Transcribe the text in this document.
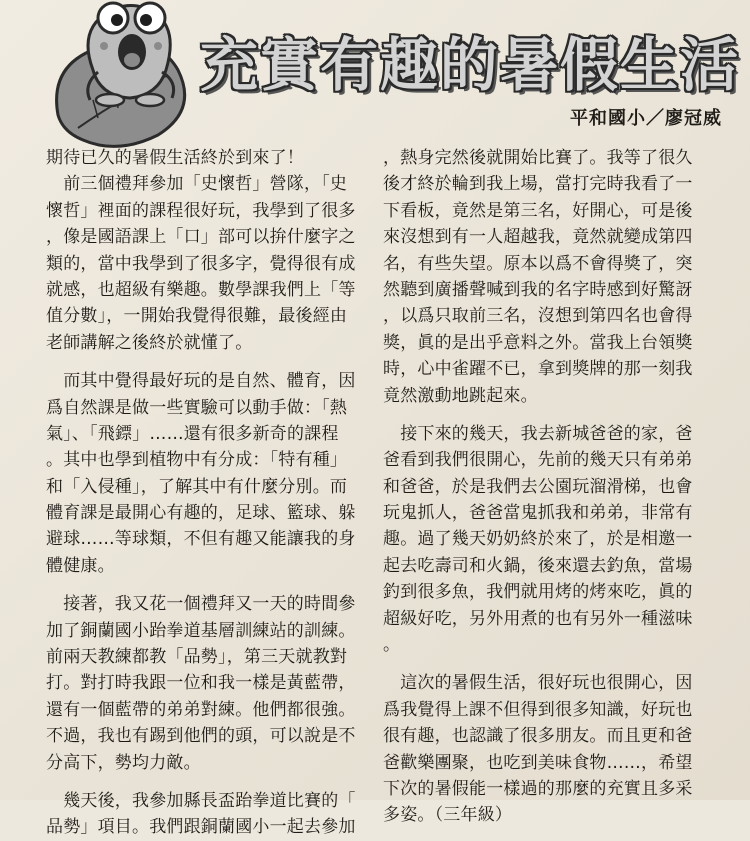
充實有趣的暑假生活
平和國小／廖冠威
期待已久的暑假生活終於到來了！
　前三個禮拜參加「史懷哲」營隊，「史
懷哲」裡面的課程很好玩，我學到了很多
，像是國語課上「口」部可以拚什麼字之
類的，當中我學到了很多字，覺得很有成
就感，也超級有樂趣。數學課我們上「等
值分數」，一開始我覺得很難，最後經由
老師講解之後終於就懂了。
　而其中覺得最好玩的是自然、體育，因
爲自然課是做一些實驗可以動手做：「熱
氣」、「飛鏢」……還有很多新奇的課程
。其中也學到植物中有分成：「特有種」
和「入侵種」，了解其中有什麼分別。而
體育課是最開心有趣的，足球、籃球、躲
避球……等球類，不但有趣又能讓我的身
體健康。
　接著，我又花一個禮拜又一天的時間參
加了銅蘭國小跆拳道基層訓練站的訓練。
前兩天教練都教「品勢」，第三天就教對
打。對打時我跟一位和我一樣是黃藍帶，
還有一個藍帶的弟弟對練。他們都很強。
不過，我也有踢到他們的頭，可以說是不
分高下，勢均力敵。
　幾天後，我參加縣長盃跆拳道比賽的「
品勢」項目。我們跟銅蘭國小一起去參加
，熱身完然後就開始比賽了。我等了很久
後才終於輪到我上場，當打完時我看了一
下看板，竟然是第三名，好開心，可是後
來沒想到有一人超越我，竟然就變成第四
名，有些失望。原本以爲不會得獎了，突
然聽到廣播聲喊到我的名字時感到好驚訝
，以爲只取前三名，沒想到第四名也會得
獎，眞的是出乎意料之外。當我上台領獎
時，心中雀躍不已，拿到獎牌的那一刻我
竟然激動地跳起來。
　接下來的幾天，我去新城爸爸的家，爸
爸看到我們很開心，先前的幾天只有弟弟
和爸爸，於是我們去公園玩溜滑梯，也會
玩鬼抓人，爸爸當鬼抓我和弟弟，非常有
趣。過了幾天奶奶終於來了，於是相邀一
起去吃壽司和火鍋，後來還去釣魚，當場
釣到很多魚，我們就用烤的烤來吃，眞的
超級好吃，另外用煮的也有另外一種滋味
。
　這次的暑假生活，很好玩也很開心，因
爲我覺得上課不但得到很多知識，好玩也
很有趣，也認識了很多朋友。而且更和爸
爸歡樂團聚，也吃到美味食物……，希望
下次的暑假能一樣過的那麼的充實且多采
多姿。（三年級）
